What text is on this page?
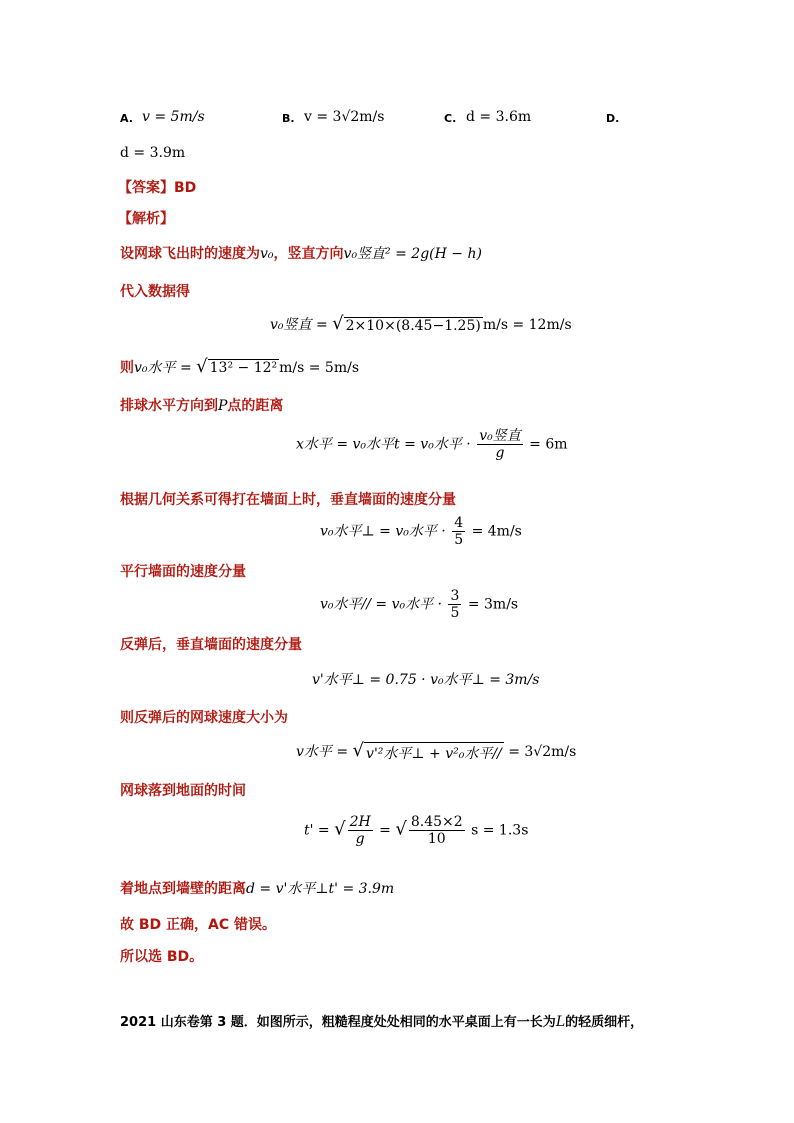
A. v = 5m/s	B. v = 3√2m/s	C. d = 3.6m	D.
d = 3.9m
【答案】BD
【解析】
设网球飞出时的速度为v₀，竖直方向v₀竖直² = 2g(H − h)
代入数据得
v₀竖直 = √ 2×10×(8.45−1.25) m/s = 12m/s
则v₀水平 = √ 13² − 12² m/s = 5m/s
排球水平方向到P点的距离
x水平 = v₀水平t = v₀水平 · $\frac{\text{v₀竖直}}{g} = 6m$
根据几何关系可得打在墙面上时，垂直墙面的速度分量
v₀水平⊥ = v₀水平 · $\frac{4}{5} = 4m/s$
平行墙面的速度分量
v₀水平// = v₀水平 · $\frac{3}{5} = 3m/s$
反弹后，垂直墙面的速度分量
v'水平⊥ = 0.75 · v₀水平⊥ = 3m/s
则反弹后的网球速度大小为
v水平 = √ v'²水平⊥ + v²₀水平// = 3√2m/s
网球落到地面的时间
t' = √ $\frac{2H}{g}$ = √ $\frac{8.45\times 2}{10}$ s = 1.3s
着地点到墙壁的距离d = v'水平⊥t' = 3.9m
故 BD 正确，AC 错误。
所以选 BD。
2021 山东卷第 3 题．如图所示，粗糙程度处处相同的水平桌面上有一长为L的轻质细杆，
